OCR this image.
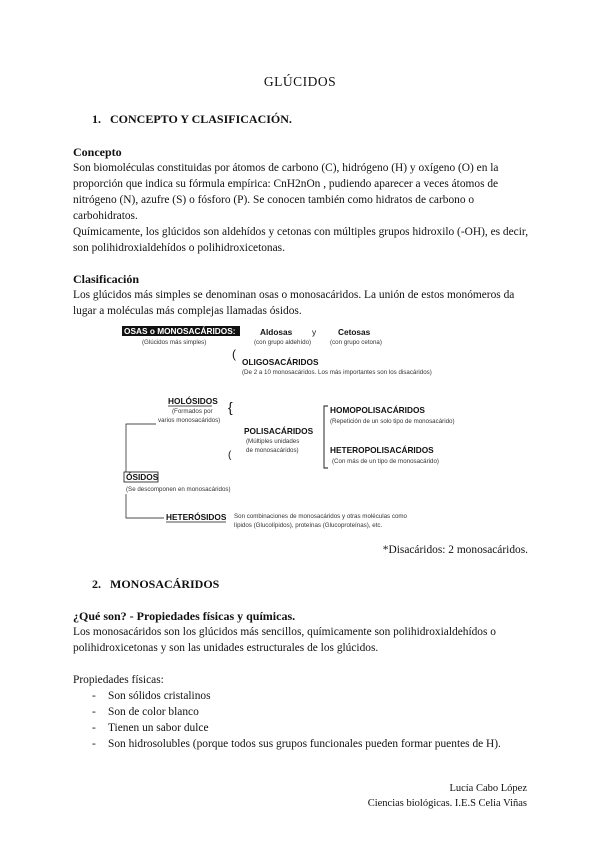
GLÚCIDOS
1. CONCEPTO Y CLASIFICACIÓN.
Concepto

Son biomoléculas constituidas por átomos de carbono (C), hidrógeno (H) y oxígeno (O) en la proporción que indica su fórmula empírica: CnH2nOn , pudiendo aparecer a veces átomos de nitrógeno (N), azufre (S) o fósforo (P). Se conocen también como hidratos de carbono o carbohidratos.

Químicamente, los glúcidos son aldehídos y cetonas con múltiples grupos hidroxilo (-OH), es decir, son polihidroxialdehídos o polihidroxicetonas.

Clasificación

Los glúcidos más simples se denominan osas o monosacáridos. La unión de estos monómeros da lugar a moléculas más complejas llamadas ósidos.

OSAS o MONOSACÁRIDOS:
(Glúcidos más simples)
Aldosas y	Cetosas
(con grupo aldehído)	(con grupo cetona)
(
OLIGOSACÁRIDOS
(De 2 a 10 monosacáridos. Los más importantes son los disacáridos)
HOLÓSIDOS
(Formados por
varios monosacáridos)
{
POLISACÁRIDOS
(Múltiples unidades
de monosacáridos)
(
HOMOPOLISACÁRIDOS
(Repetición de un solo tipo de monosacárido)
HETEROPOLISACÁRIDOS
(Con más de un tipo de monosacárido)
ÓSIDOS
(Se descomponen en monosacáridos)
HETERÓSIDOS Son combinaciones de monosacáridos y otras moléculas como
lípidos (Glucolípidos), proteínas (Glucoproteínas), etc.
*Disacáridos: 2 monosacáridos.
2. MONOSACÁRIDOS
¿Qué son? - Propiedades físicas y químicas.

Los monosacáridos son los glúcidos más sencillos, químicamente son polihidroxialdehídos o polihidroxicetonas y son las unidades estructurales de los glúcidos.

Propiedades físicas:
- Son sólidos cristalinos
- Son de color blanco
- Tienen un sabor dulce
- Son hidrosolubles (porque todos sus grupos funcionales pueden formar puentes de H).
Lucía Cabo López
Ciencias biológicas. I.E.S Celia Viñas
